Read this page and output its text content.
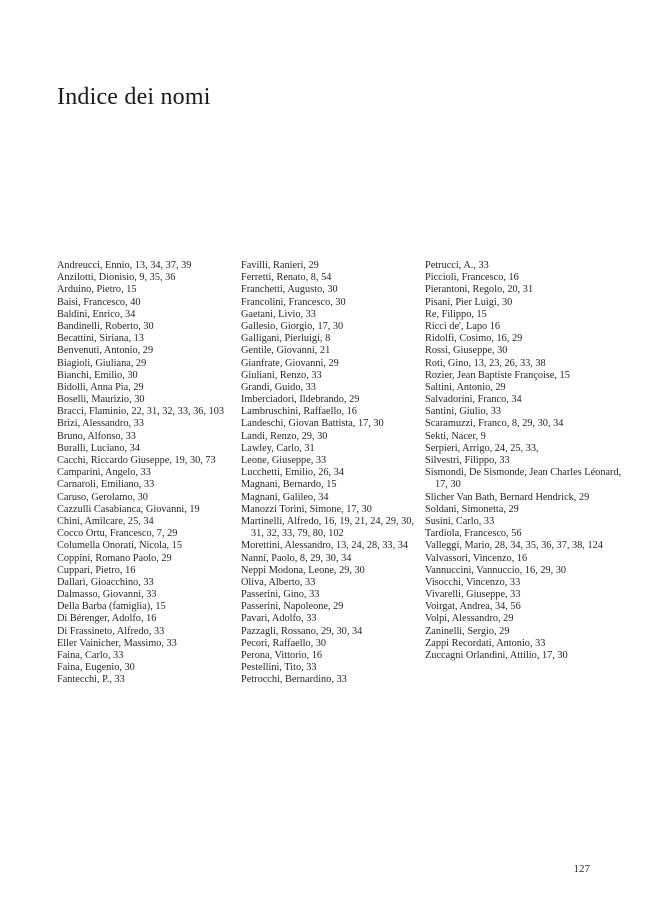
Indice dei nomi
Andreucci, Ennio, 13, 34, 37, 39
Anzilotti, Dionisio, 9, 35, 36
Arduino, Pietro, 15
Baisi, Francesco, 40
Baldini, Enrico, 34
Bandinelli, Roberto, 30
Becattini, Siriana, 13
Benvenuti, Antonio, 29
Biagioli, Giuliana, 29
Bianchi, Emilio, 30
Bidolli, Anna Pia, 29
Boselli, Maurizio, 30
Bracci, Flaminio, 22, 31, 32, 33, 36, 103
Brizi, Alessandro, 33
Bruno, Alfonso, 33
Buralli, Luciano, 34
Cacchi, Riccardo Giuseppe, 19, 30, 73
Camparini, Angelo, 33
Carnaroli, Emiliano, 33
Caruso, Gerolamo, 30
Cazzulli Casabianca, Giovanni, 19
Chini, Amilcare, 25, 34
Cocco Ortu, Francesco, 7, 29
Columella Onorati, Nicola, 15
Coppini, Romano Paolo, 29
Cuppari, Pietro, 16
Dallari, Gioacchino, 33
Dalmasso, Giovanni, 33
Della Barba (famiglia), 15
Di Bérenger, Adolfo, 16
Di Frassineto, Alfredo, 33
Eller Vainicher, Massimo, 33
Faina, Carlo, 33
Faina, Eugenio, 30
Fantecchi, P., 33
Favilli, Ranieri, 29
Ferretti, Renato, 8, 54
Franchetti, Augusto, 30
Francolini, Francesco, 30
Gaetani, Livio, 33
Gallesio, Giorgio, 17, 30
Galligani, Pierluigi, 8
Gentile, Giovanni, 21
Gianfrate, Giovanni, 29
Giuliani, Renzo, 33
Grandi, Guido, 33
Imberciadori, Ildebrando, 29
Lambruschini, Raffaello, 16
Landeschi, Giovan Battista, 17, 30
Landi, Renzo, 29, 30
Lawley, Carlo, 31
Leone, Giuseppe, 33
Lucchetti, Emilio, 26, 34
Magnani, Bernardo, 15
Magnani, Galileo, 34
Manozzi Torini, Simone, 17, 30
Martinelli, Alfredo, 16, 19, 21, 24, 29, 30, 31, 32, 33, 79, 80, 102
Morettini, Alessandro, 13, 24, 28, 33, 34
Nanni, Paolo, 8, 29, 30, 34
Neppi Modona, Leone, 29, 30
Oliva, Alberto, 33
Passerini, Gino, 33
Passerini, Napoleone, 29
Pavari, Adolfo, 33
Pazzagli, Rossano, 29, 30, 34
Pecori, Raffaello, 30
Perona, Vittorio, 16
Pestellini, Tito, 33
Petrocchi, Bernardino, 33
Petrucci, A., 33
Piccioli, Francesco, 16
Pierantoni, Regolo, 20, 31
Pisani, Pier Luigi, 30
Re, Filippo, 15
Ricci de', Lapo 16
Ridolfi, Cosimo, 16, 29
Rossi, Giuseppe, 30
Roti, Gino, 13, 23, 26, 33, 38
Rozier, Jean Baptiste Françoise, 15
Saltini, Antonio, 29
Salvadorini, Franco, 34
Santini, Giulio, 33
Scaramuzzi, Franco, 8, 29, 30, 34
Sekti, Nacer, 9
Serpieri, Arrigo, 24, 25, 33,
Silvestri, Filippo, 33
Sismondi, De Sismonde, Jean Charles Léonard, 17, 30
Slicher Van Bath, Bernard Hendrick, 29
Soldani, Simonetta, 29
Susini, Carlo, 33
Tardiola, Francesco, 56
Valleggi, Mario, 28, 34, 35, 36, 37, 38, 124
Valvassori, Vincenzo, 16
Vannuccini, Vannuccio, 16, 29, 30
Visocchi, Vincenzo, 33
Vivarelli, Giuseppe, 33
Voirgat, Andrea, 34, 56
Volpi, Alessandro, 29
Zaninelli, Sergio, 29
Zappi Recordati, Antonio, 33
Zuccagni Orlandini, Attilio, 17, 30
127
